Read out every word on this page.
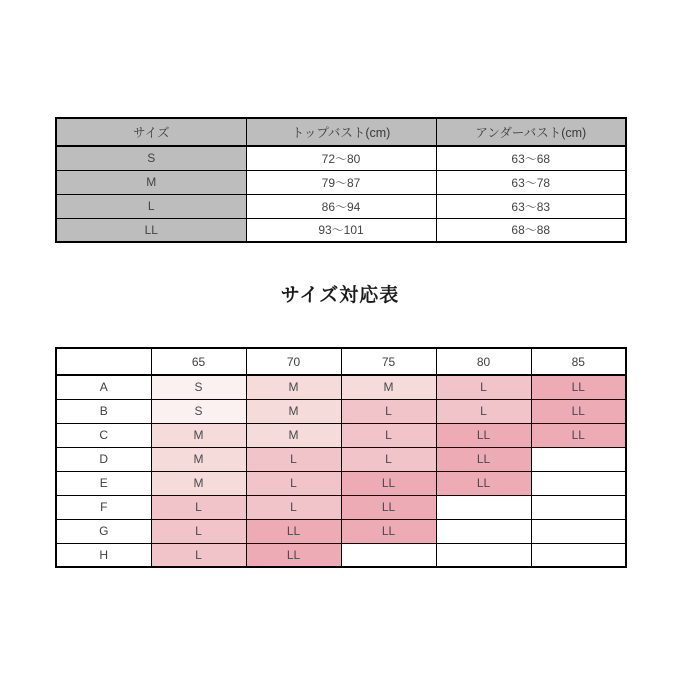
サイズ	トップバスト(cm)	アンダーバスト(cm)
S	72〜80	63〜68
M	79〜87	63〜78
L	86〜94	63〜83
LL	93〜101	68〜88
サイズ対応表
	65	70	75	80	85
A	S	M	M	L	LL
B	S	M	L	L	LL
C	M	M	L	LL	LL
D	M	L	L	LL	
E	M	L	LL	LL	
F	L	L	LL		
G	L	LL	LL		
H	L	LL			
